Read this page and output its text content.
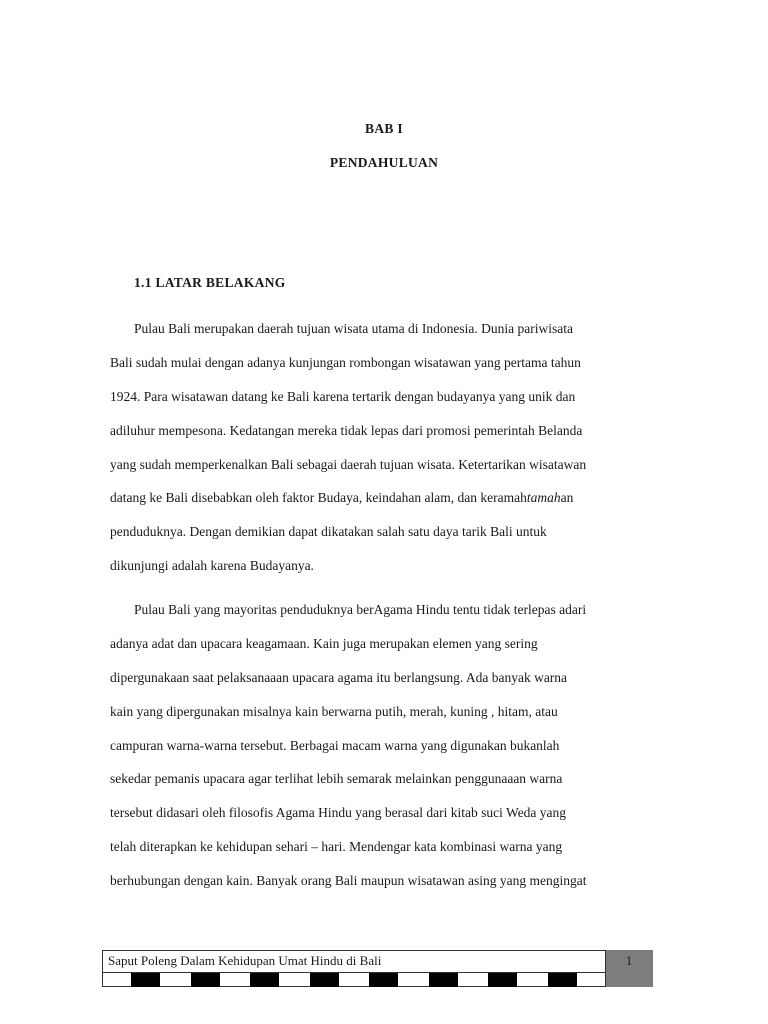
BAB I
PENDAHULUAN
1.1 LATAR BELAKANG
Pulau Bali merupakan daerah tujuan wisata utama di Indonesia. Dunia pariwisata
Bali sudah mulai dengan adanya kunjungan rombongan wisatawan yang pertama tahun
1924. Para wisatawan datang ke Bali karena tertarik dengan budayanya yang unik dan
adiluhur mempesona. Kedatangan mereka tidak lepas dari promosi pemerintah Belanda
yang sudah memperkenalkan Bali sebagai daerah tujuan wisata. Ketertarikan wisatawan
datang ke Bali disebabkan oleh faktor Budaya, keindahan alam, dan keramahtamahan
penduduknya. Dengan demikian dapat dikatakan salah satu daya tarik Bali untuk
dikunjungi adalah karena Budayanya.
Pulau Bali yang mayoritas penduduknya berAgama Hindu tentu tidak terlepas adari
adanya adat dan upacara keagamaan. Kain juga merupakan elemen yang sering
dipergunakaan saat pelaksanaaan upacara agama itu berlangsung. Ada banyak warna
kain yang dipergunakan misalnya kain berwarna putih, merah, kuning , hitam, atau
campuran warna-warna tersebut. Berbagai macam warna yang digunakan bukanlah
sekedar pemanis upacara agar terlihat lebih semarak melainkan penggunaaan warna
tersebut didasari oleh filosofis Agama Hindu yang berasal dari kitab suci Weda yang
telah diterapkan ke kehidupan sehari – hari. Mendengar kata kombinasi warna yang
berhubungan dengan kain. Banyak orang Bali maupun wisatawan asing yang mengingat
Saput Poleng Dalam Kehidupan Umat Hindu di Bali	1
